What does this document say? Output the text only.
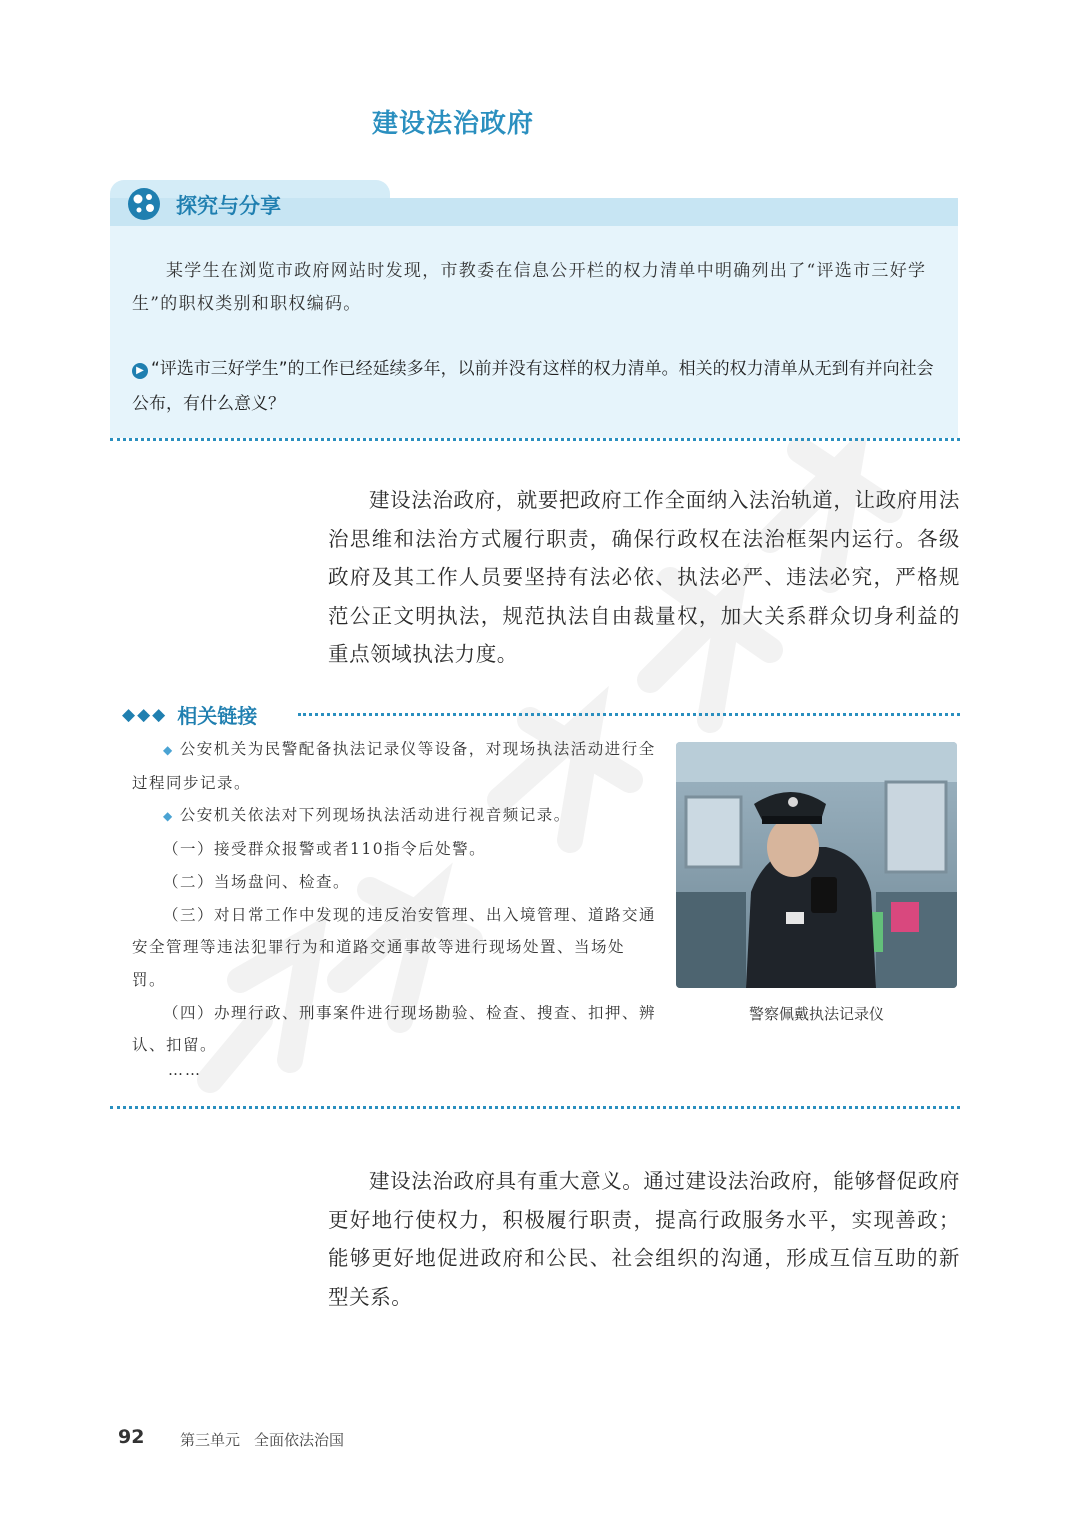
建设法治政府
探究与分享
某学生在浏览市政府网站时发现，市教委在信息公开栏的权力清单中明确列出了“评选市三好学生”的职权类别和职权编码。
▶ “评选市三好学生”的工作已经延续多年，以前并没有这样的权力清单。相关的权力清单从无到有并向社会公布，有什么意义？
建设法治政府，就要把政府工作全面纳入法治轨道，让政府用法治思维和法治方式履行职责，确保行政权在法治框架内运行。各级政府及其工作人员要坚持有法必依、执法必严、违法必究，严格规范公正文明执法，规范执法自由裁量权，加大关系群众切身利益的重点领域执法力度。
◆◆◆ 相关链接

◆ 公安机关为民警配备执法记录仪等设备，对现场执法活动进行全过程同步记录。

◆ 公安机关依法对下列现场执法活动进行视音频记录。

（一）接受群众报警或者110指令后处警。

（二）当场盘问、检查。

（三）对日常工作中发现的违反治安管理、出入境管理、道路交通安全管理等违法犯罪行为和道路交通事故等进行现场处置、当场处罚。

（四）办理行政、刑事案件进行现场勘验、检查、搜查、扣押、辨认、扣留。

……
警察佩戴执法记录仪
建设法治政府具有重大意义。通过建设法治政府，能够督促政府更好地行使权力，积极履行职责，提高行政服务水平，实现善政；能够更好地促进政府和公民、社会组织的沟通，形成互信互助的新型关系。
92 第三单元 全面依法治国
